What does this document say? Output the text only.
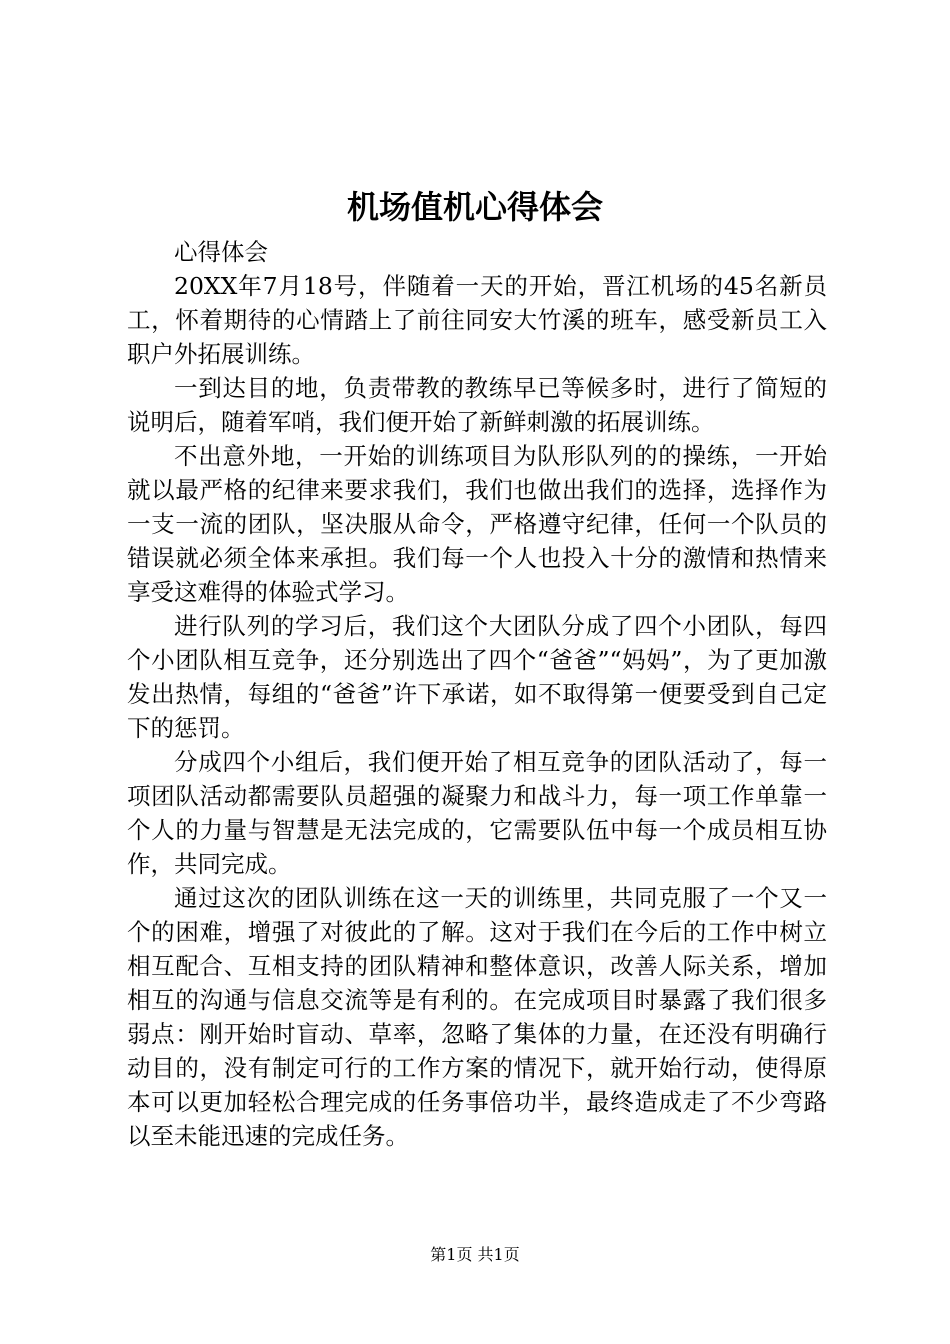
机场值机心得体会

心得体会

20XX年7月18号，伴随着一天的开始，晋江机场的45名新员工，怀着期待的心情踏上了前往同安大竹溪的班车，感受新员工入职户外拓展训练。

一到达目的地，负责带教的教练早已等候多时，进行了简短的说明后，随着军哨，我们便开始了新鲜刺激的拓展训练。

不出意外地，一开始的训练项目为队形队列的的操练，一开始就以最严格的纪律来要求我们，我们也做出我们的选择，选择作为一支一流的团队，坚决服从命令，严格遵守纪律，任何一个队员的错误就必须全体来承担。我们每一个人也投入十分的激情和热情来享受这难得的体验式学习。

进行队列的学习后，我们这个大团队分成了四个小团队，每四个小团队相互竞争，还分别选出了四个“爸爸”“妈妈”，为了更加激发出热情，每组的“爸爸”许下承诺，如不取得第一便要受到自己定下的惩罚。

分成四个小组后，我们便开始了相互竞争的团队活动了，每一项团队活动都需要队员超强的凝聚力和战斗力，每一项工作单靠一个人的力量与智慧是无法完成的，它需要队伍中每一个成员相互协作，共同完成。

通过这次的团队训练在这一天的训练里，共同克服了一个又一个的困难，增强了对彼此的了解。这对于我们在今后的工作中树立相互配合、互相支持的团队精神和整体意识，改善人际关系，增加相互的沟通与信息交流等是有利的。在完成项目时暴露了我们很多弱点：刚开始时盲动、草率，忽略了集体的力量，在还没有明确行动目的，没有制定可行的工作方案的情况下，就开始行动，使得原本可以更加轻松合理完成的任务事倍功半，最终造成走了不少弯路以至未能迅速的完成任务。

第1页 共1页
